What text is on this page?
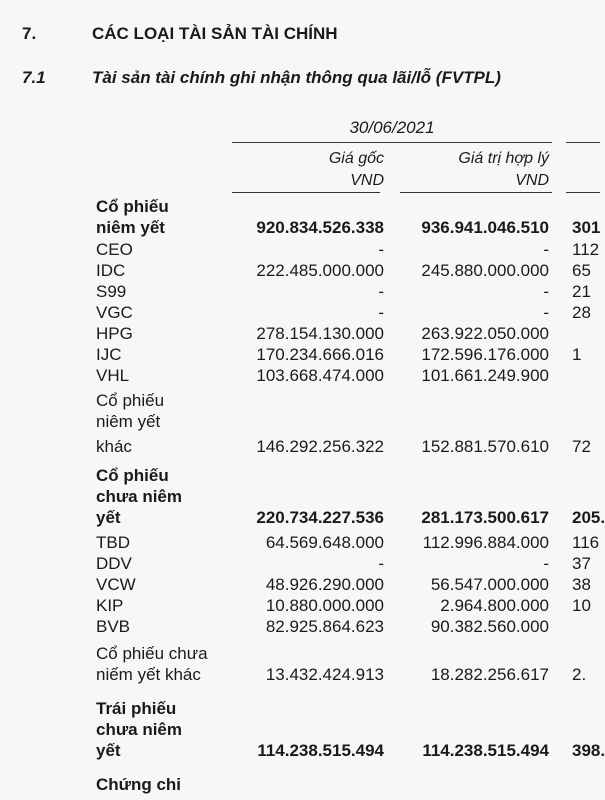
7.	CÁC LOẠI TÀI SẢN TÀI CHÍNH
7.1	Tài sản tài chính ghi nhận thông qua lãi/lỗ (FVTPL)
30/06/2021
Giá gốc
VND
Giá trị hợp lý
VND
Cổ phiếu
niêm yết	920.834.526.338 936.941.046.510 301
CEO	-	- 112
IDC	222.485.000.000 245.880.000.000 65
S99	-	- 21
VGC	-	- 28
HPG	278.154.130.000 263.922.050.000
IJC	170.234.666.016 172.596.176.000 1
VHL	103.668.474.000 101.661.249.900
Cổ phiếu
niêm yết
khác	146.292.256.322 152.881.570.610 72
Cổ phiếu
chưa niêm
yết	220.734.227.536 281.173.500.617 205.
TBD	64.569.648.000 112.996.884.000 116
DDV	-	- 37
VCW	48.926.290.000	56.547.000.000 38
KIP	10.880.000.000	2.964.800.000 10
BVB	82.925.864.623	90.382.560.000
Cổ phiếu chưa
niếm yết khác	13.432.424.913	18.282.256.617 2.
Trái phiếu
chưa niêm
yết	114.238.515.494 114.238.515.494 398.
Chứng chi
